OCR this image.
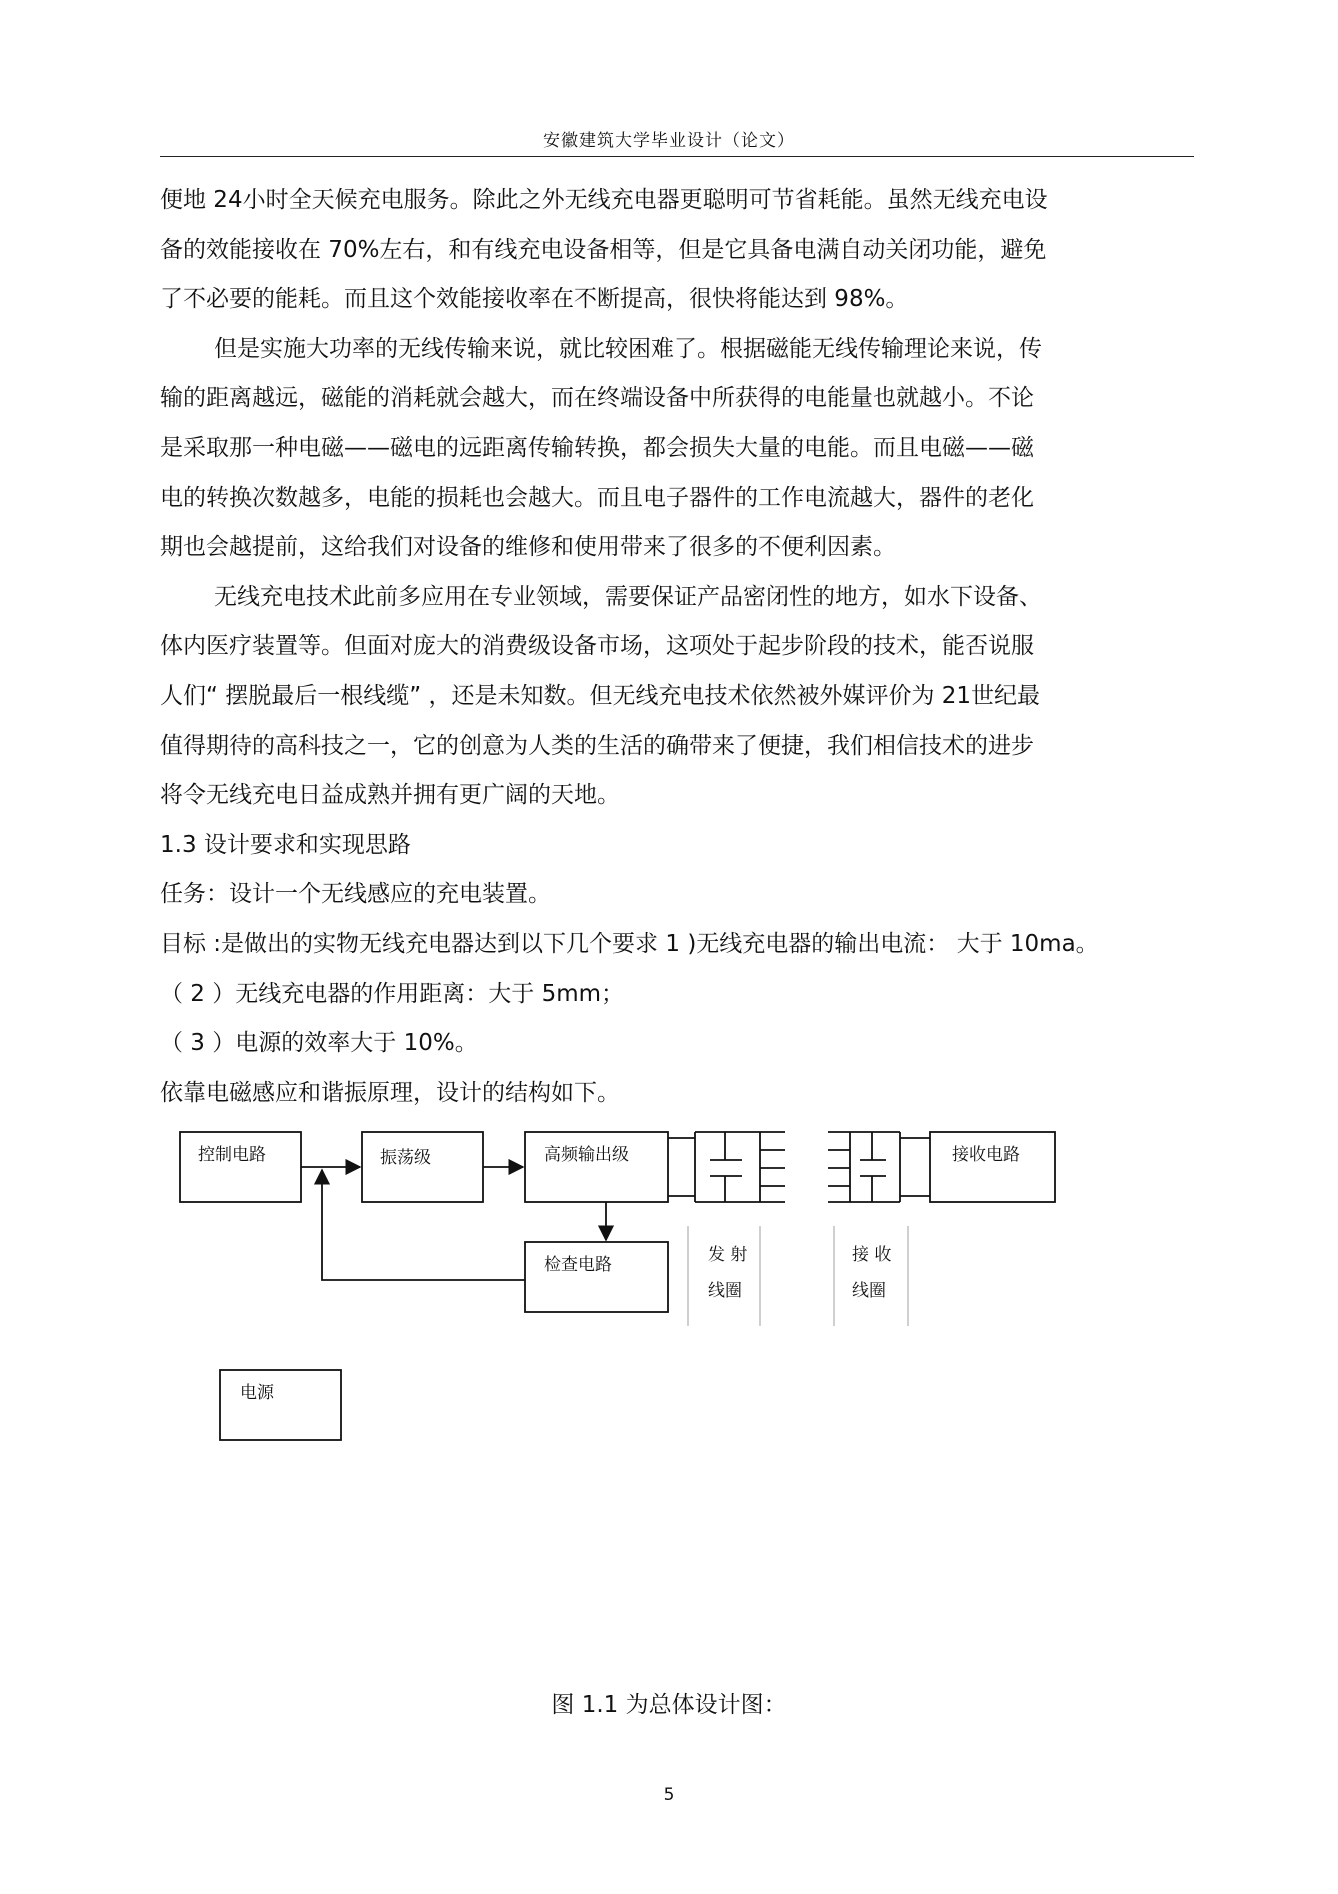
安徽建筑大学毕业设计（论文）
便地 24小时全天候充电服务。除此之外无线充电器更聪明可节省耗能。虽然无线充电设
备的效能接收在 70%左右，和有线充电设备相等，但是它具备电满自动关闭功能，避免
了不必要的能耗。而且这个效能接收率在不断提高，很快将能达到 98%。
但是实施大功率的无线传输来说，就比较困难了。根据磁能无线传输理论来说，传
输的距离越远，磁能的消耗就会越大，而在终端设备中所获得的电能量也就越小。不论
是采取那一种电磁——磁电的远距离传输转换，都会损失大量的电能。而且电磁——磁
电的转换次数越多，电能的损耗也会越大。而且电子器件的工作电流越大，器件的老化
期也会越提前，这给我们对设备的维修和使用带来了很多的不便利因素。
无线充电技术此前多应用在专业领域，需要保证产品密闭性的地方，如水下设备、
体内医疗装置等。但面对庞大的消费级设备市场，这项处于起步阶段的技术，能否说服
人们“ 摆脱最后一根线缆” ，还是未知数。但无线充电技术依然被外媒评价为 21世纪最
值得期待的高科技之一，它的创意为人类的生活的确带来了便捷，我们相信技术的进步
将令无线充电日益成熟并拥有更广阔的天地。
1.3 设计要求和实现思路
任务：设计一个无线感应的充电装置。
目标 :是做出的实物无线充电器达到以下几个要求 1 )无线充电器的输出电流： 大于 10ma。
（ 2 ）无线充电器的作用距离：大于 5mm；
（ 3 ）电源的效率大于 10%。
依靠电磁感应和谐振原理，设计的结构如下。
控制电路	振荡级	高频输出级	接收电路
检查电路
电源
发 射
线圈
接 收
线圈
图 1.1 为总体设计图：
5
